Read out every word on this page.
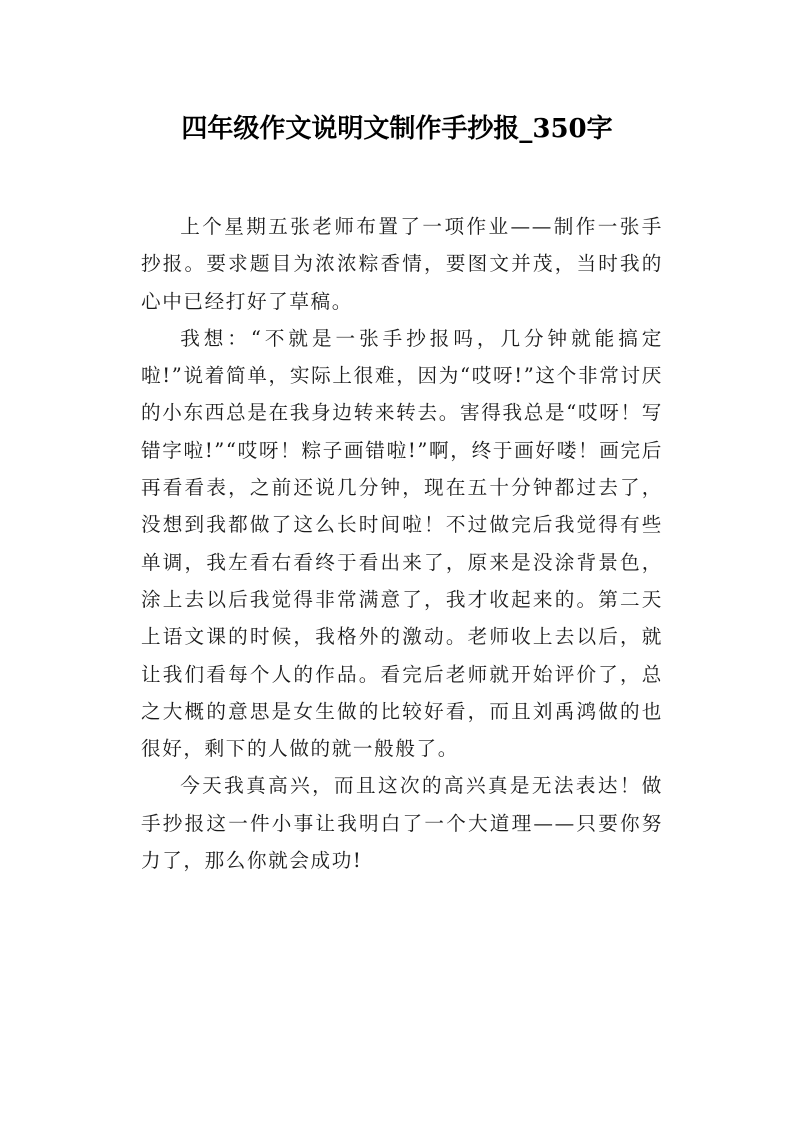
四年级作文说明文制作手抄报_350字

上个星期五张老师布置了一项作业——制作一张手抄报。要求题目为浓浓粽香情，要图文并茂，当时我的心中已经打好了草稿。

我想：“不就是一张手抄报吗，几分钟就能搞定啦!”说着简单，实际上很难，因为“哎呀!”这个非常讨厌的小东西总是在我身边转来转去。害得我总是“哎呀！写错字啦!”“哎呀！粽子画错啦!”啊，终于画好喽！画完后再看看表，之前还说几分钟，现在五十分钟都过去了，没想到我都做了这么长时间啦！不过做完后我觉得有些单调，我左看右看终于看出来了，原来是没涂背景色，涂上去以后我觉得非常满意了，我才收起来的。第二天上语文课的时候，我格外的激动。老师收上去以后，就让我们看每个人的作品。看完后老师就开始评价了，总之大概的意思是女生做的比较好看，而且刘禹鸿做的也很好，剩下的人做的就一般般了。

今天我真高兴，而且这次的高兴真是无法表达！做手抄报这一件小事让我明白了一个大道理——只要你努力了，那么你就会成功!
